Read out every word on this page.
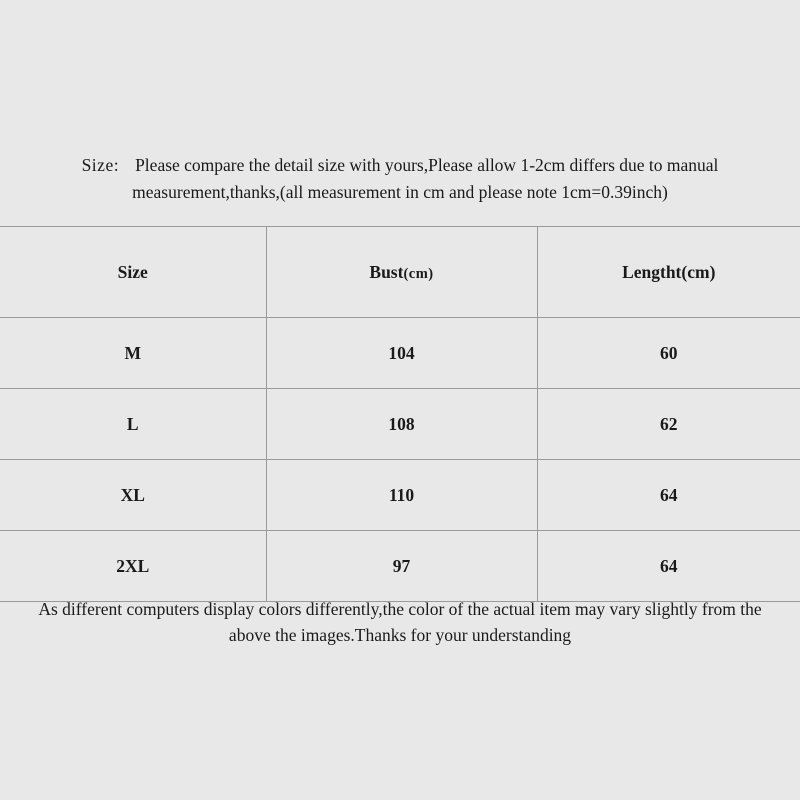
Size: Please compare the detail size with yours,Please allow 1-2cm differs due to manual
measurement,thanks,(all measurement in cm and please note 1cm=0.39inch)
Size	Bust(cm)	Lengtht(cm)
M	104	60
L	108	62
XL	110	64
2XL	97	64
As different computers display colors differently,the color of the actual item may vary slightly from the
above the images.Thanks for your understanding
